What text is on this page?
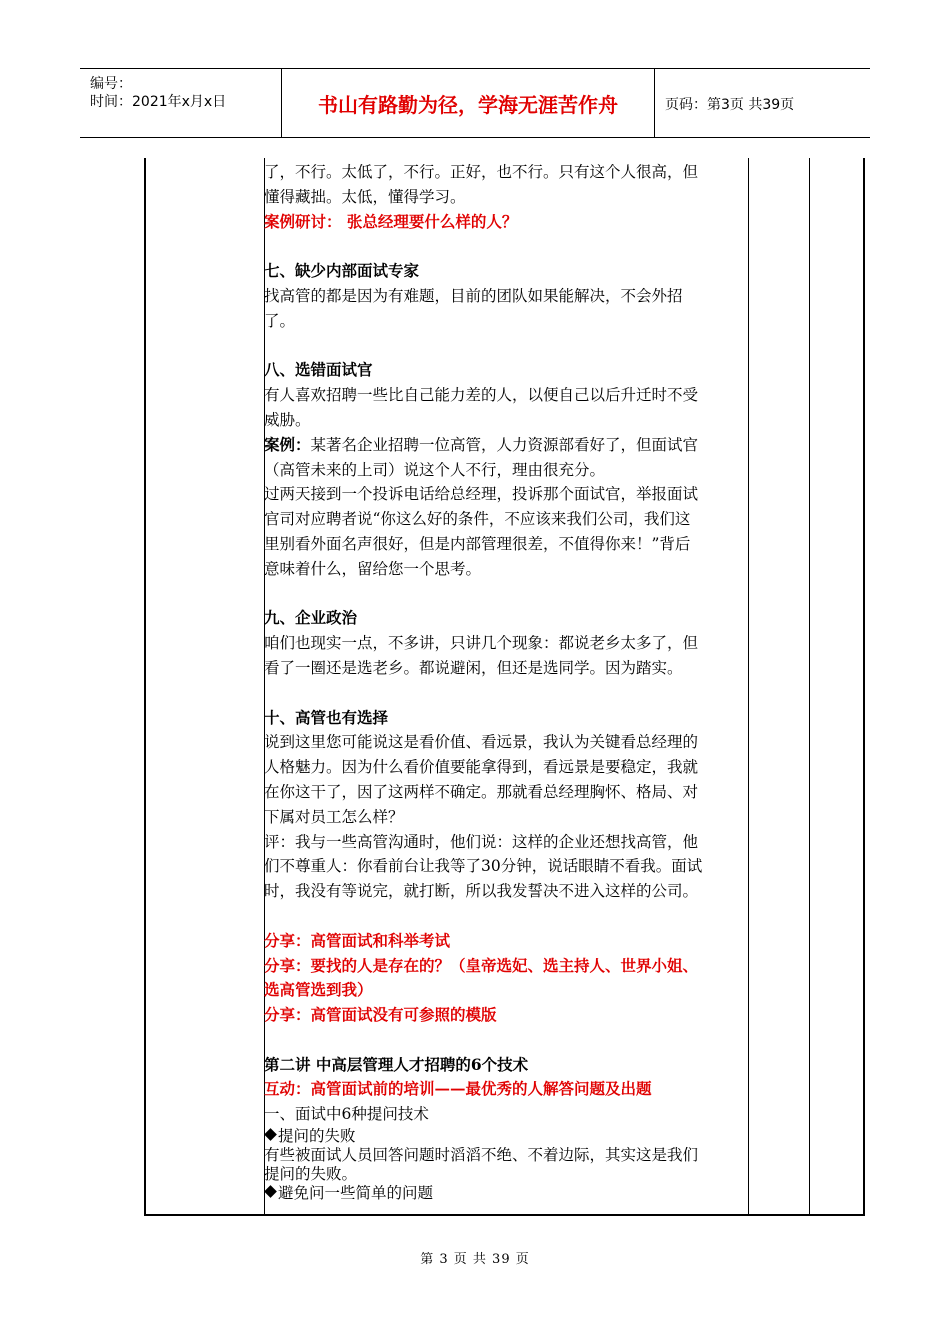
编号：
时间：2021年x月x日	书山有路勤为径，学海无涯苦作舟	页码：第3页 共39页

了，不行。太低了，不行。正好，也不行。只有这个人很高，但

懂得藏拙。太低，懂得学习。

案例研讨： 张总经理要什么样的人？

七、缺少内部面试专家

找高管的都是因为有难题，目前的团队如果能解决，不会外招

了。

八、选错面试官

有人喜欢招聘一些比自己能力差的人，以便自己以后升迁时不受

威胁。

案例：某著名企业招聘一位高管，人力资源部看好了，但面试官

（高管未来的上司）说这个人不行，理由很充分。

过两天接到一个投诉电话给总经理，投诉那个面试官，举报面试

官司对应聘者说“你这么好的条件，不应该来我们公司，我们这

里别看外面名声很好，但是内部管理很差，不值得你来！”背后

意味着什么，留给您一个思考。

九、企业政治

咱们也现实一点，不多讲，只讲几个现象：都说老乡太多了，但

看了一圈还是选老乡。都说避闲，但还是选同学。因为踏实。

十、高管也有选择

说到这里您可能说这是看价值、看远景，我认为关键看总经理的

人格魅力。因为什么看价值要能拿得到，看远景是要稳定，我就

在你这干了，因了这两样不确定。那就看总经理胸怀、格局、对

下属对员工怎么样？

评：我与一些高管沟通时，他们说：这样的企业还想找高管，他

们不尊重人：你看前台让我等了30分钟，说话眼睛不看我。面试

时，我没有等说完，就打断，所以我发誓决不进入这样的公司。

分享：高管面试和科举考试

分享：要找的人是存在的？（皇帝选妃、选主持人、世界小姐、

选高管选到我）

分享：高管面试没有可参照的模版

第二讲 中高层管理人才招聘的6个技术

互动：高管面试前的培训——最优秀的人解答问题及出题

一、面试中6种提问技术

提问的失败

有些被面试人员回答问题时滔滔不绝、不着边际，其实这是我们

提问的失败。

避免问一些简单的问题

第 3 页 共 39 页
